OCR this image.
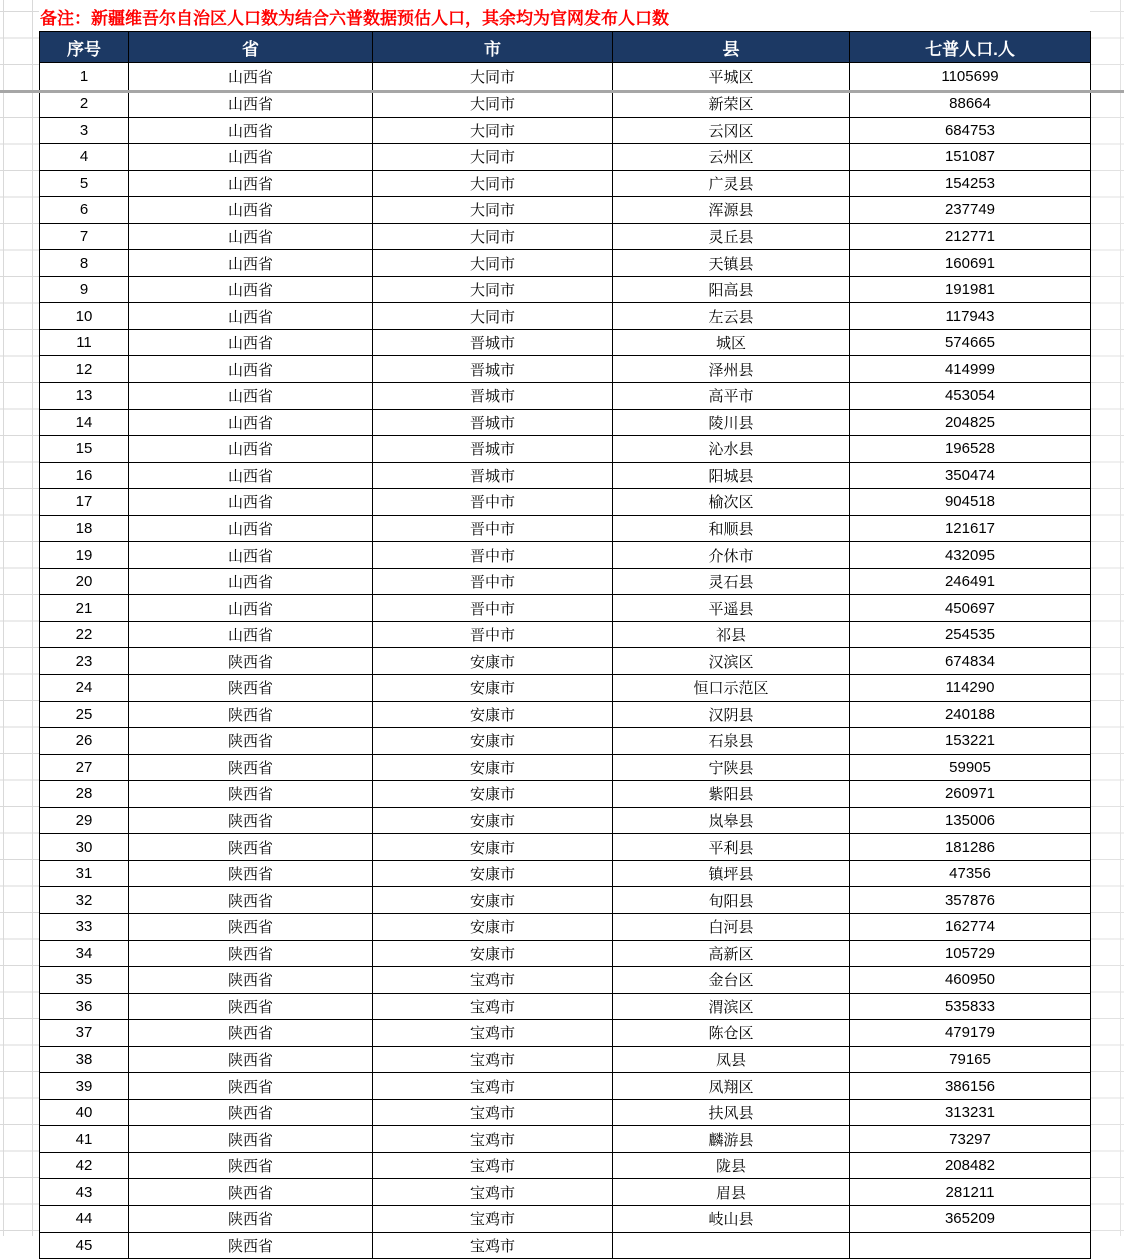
备注：新疆维吾尔自治区人口数为结合六普数据预估人口，其余均为官网发布人口数
序号	省	市	县	七普人口.人
1	山西省	大同市	平城区	1105699
2	山西省	大同市	新荣区	88664
3	山西省	大同市	云冈区	684753
4	山西省	大同市	云州区	151087
5	山西省	大同市	广灵县	154253
6	山西省	大同市	浑源县	237749
7	山西省	大同市	灵丘县	212771
8	山西省	大同市	天镇县	160691
9	山西省	大同市	阳高县	191981
10	山西省	大同市	左云县	117943
11	山西省	晋城市	城区	574665
12	山西省	晋城市	泽州县	414999
13	山西省	晋城市	高平市	453054
14	山西省	晋城市	陵川县	204825
15	山西省	晋城市	沁水县	196528
16	山西省	晋城市	阳城县	350474
17	山西省	晋中市	榆次区	904518
18	山西省	晋中市	和顺县	121617
19	山西省	晋中市	介休市	432095
20	山西省	晋中市	灵石县	246491
21	山西省	晋中市	平遥县	450697
22	山西省	晋中市	祁县	254535
23	陕西省	安康市	汉滨区	674834
24	陕西省	安康市	恒口示范区	114290
25	陕西省	安康市	汉阴县	240188
26	陕西省	安康市	石泉县	153221
27	陕西省	安康市	宁陕县	59905
28	陕西省	安康市	紫阳县	260971
29	陕西省	安康市	岚皋县	135006
30	陕西省	安康市	平利县	181286
31	陕西省	安康市	镇坪县	47356
32	陕西省	安康市	旬阳县	357876
33	陕西省	安康市	白河县	162774
34	陕西省	安康市	高新区	105729
35	陕西省	宝鸡市	金台区	460950
36	陕西省	宝鸡市	渭滨区	535833
37	陕西省	宝鸡市	陈仓区	479179
38	陕西省	宝鸡市	凤县	79165
39	陕西省	宝鸡市	凤翔区	386156
40	陕西省	宝鸡市	扶风县	313231
41	陕西省	宝鸡市	麟游县	73297
42	陕西省	宝鸡市	陇县	208482
43	陕西省	宝鸡市	眉县	281211
44	陕西省	宝鸡市	岐山县	365209
45	陕西省	宝鸡市		
